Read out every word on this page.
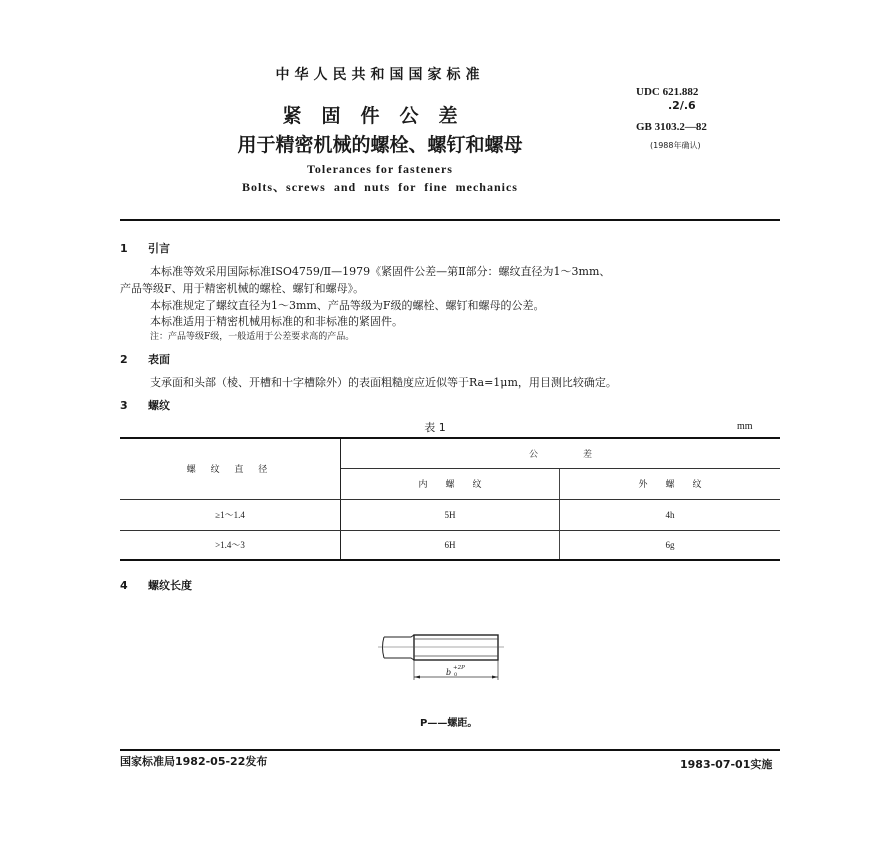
中华人民共和国国家标准
紧固件公差
用于精密机械的螺栓、螺钉和螺母
Tolerances for fasteners
Bolts、screws and nuts for fine mechanics
UDC 621.882
.2/.6
GB 3103.2—82
(1988年确认)
1 引言
本标准等效采用国际标准ISO4759/Ⅱ—1979《紧固件公差—第Ⅱ部分：螺纹直径为1～3mm、
产品等级F、用于精密机械的螺栓、螺钉和螺母》。
本标准规定了螺纹直径为1～3mm、产品等级为F级的螺栓、螺钉和螺母的公差。
本标准适用于精密机械用标准的和非标准的紧固件。
注：产品等级F级，一般适用于公差要求高的产品。
2 表面
支承面和头部（棱、开槽和十字槽除外）的表面粗糙度应近似等于Ra=1μm，用目测比较确定。
3 螺纹
表 1	mm
螺 纹 直 径	公　　　　　差	
	内　　螺　　纹	外　　螺　　纹
≥1～1.4	5H	4h
>1.4～3	6H	6g
4 螺纹长度
b +2P
0
P——螺距。
国家标准局1982-05-22发布	1983-07-01实施
